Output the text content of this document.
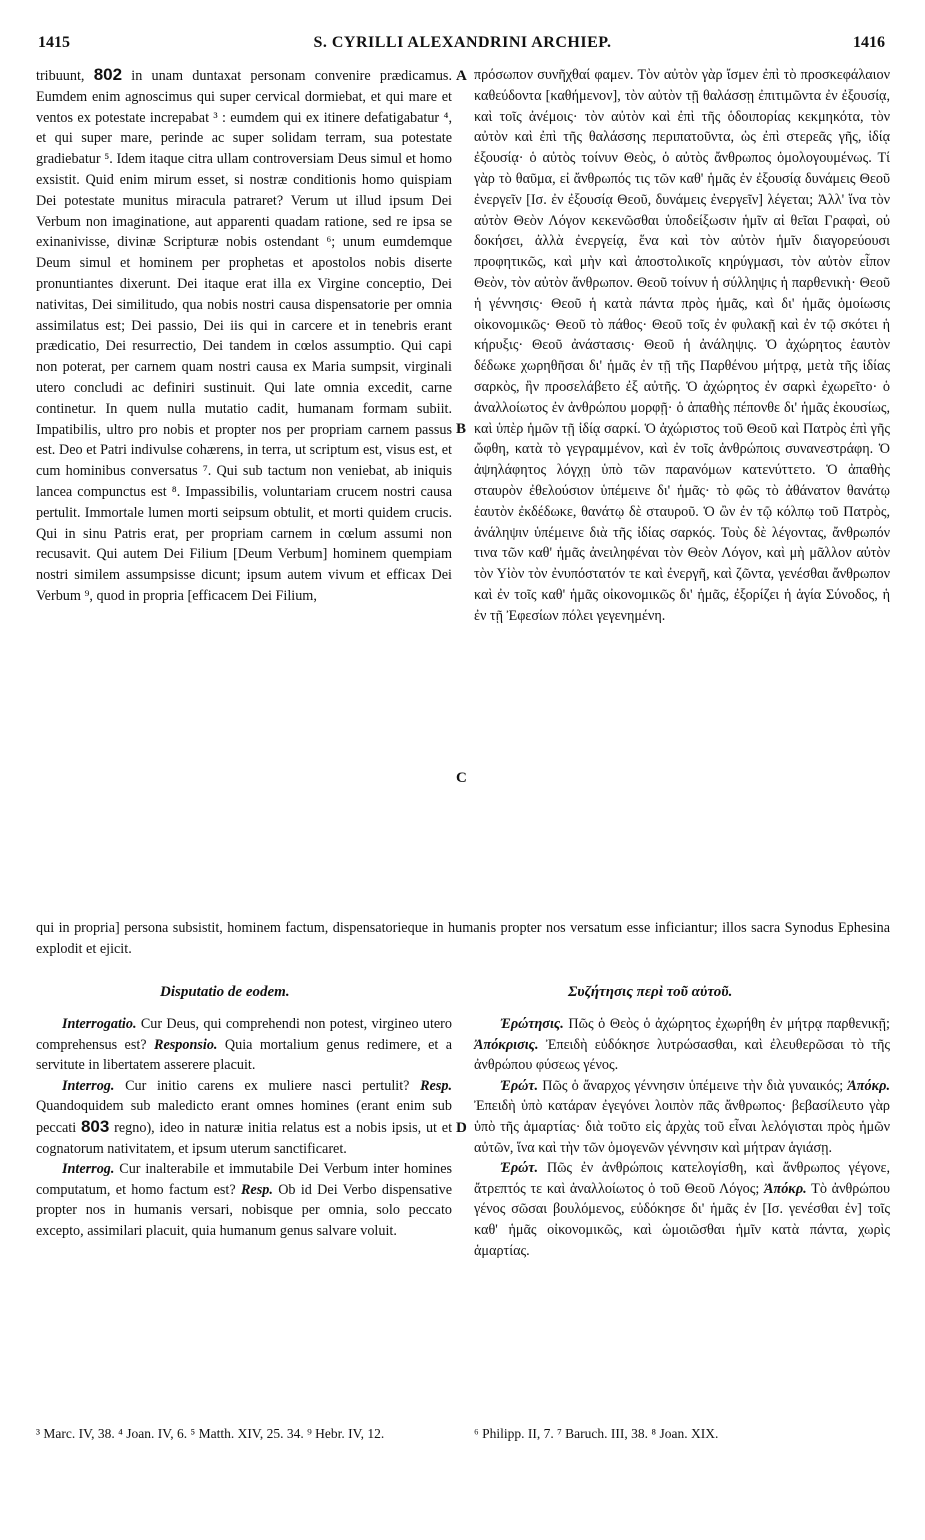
1415	S. CYRILLI ALEXANDRINI ARCHIEP.	1416
A
B
C
D
tribuunt, 802 in unam duntaxat personam convenire prædicamus. Eumdem enim agnoscimus qui super cervical dormiebat, et qui mare et ventos ex potestate increpabat ³ : eumdem qui ex itinere defatigabatur ⁴, et qui super mare, perinde ac super solidam terram, sua potestate gradiebatur ⁵. Idem itaque citra ullam controversiam Deus simul et homo exsistit. Quid enim mirum esset, si nostræ conditionis homo quispiam Dei potestate munitus miracula patraret? Verum ut illud ipsum Dei Verbum non imaginatione, aut apparenti quadam ratione, sed re ipsa se exinanivisse, divinæ Scripturæ nobis ostendant ⁶; unum eumdemque Deum simul et hominem per prophetas et apostolos nobis diserte pronuntiantes dixerunt. Dei itaque erat illa ex Virgine conceptio, Dei nativitas, Dei similitudo, qua nobis nostri causa dispensatorie per omnia assimilatus est; Dei passio, Dei iis qui in carcere et in tenebris erant prædicatio, Dei resurrectio, Dei tandem in cœlos assumptio. Qui capi non poterat, per carnem quam nostri causa ex Maria sumpsit, virginali utero concludi ac definiri sustinuit. Qui late omnia excedit, carne continetur. In quem nulla mutatio cadit, humanam formam subiit. Impatibilis, ultro pro nobis et propter nos per propriam carnem passus est. Deo et Patri indivulse cohærens, in terra, ut scriptum est, visus est, et cum hominibus conversatus ⁷. Qui sub tactum non veniebat, ab iniquis lancea compunctus est ⁸. Impassibilis, voluntariam crucem nostri causa pertulit. Immortale lumen morti seipsum obtulit, et morti quidem crucis. Qui in sinu Patris erat, per propriam carnem in cœlum assumi non recusavit. Qui autem Dei Filium [Deum Verbum] hominem quempiam nostri similem assumpsisse dicunt; ipsum autem vivum et efficax Dei Verbum ⁹, quod in propria [efficacem Dei Filium,
πρόσωπον συνῆχθαί φαμεν. Τὸν αὐτὸν γὰρ ἴσμεν ἐπὶ τὸ προσκεφάλαιον καθεύδοντα [καθήμενον], τὸν αὐτὸν τῇ θαλάσσῃ ἐπιτιμῶντα ἐν ἐξουσίᾳ, καὶ τοῖς ἀνέμοις· τὸν αὐτὸν καὶ ἐπὶ τῆς ὁδοιπορίας κεκμηκότα, τὸν αὐτὸν καὶ ἐπὶ τῆς θαλάσσης περιπατοῦντα, ὡς ἐπὶ στερεᾶς γῆς, ἰδίᾳ ἐξουσίᾳ· ὁ αὐτὸς τοίνυν Θεὸς, ὁ αὐτὸς ἄνθρωπος ὁμολογουμένως. Τί γὰρ τὸ θαῦμα, εἰ ἄνθρωπός τις τῶν καθ' ἡμᾶς ἐν ἐξουσίᾳ δυνάμεις Θεοῦ ἐνεργεῖν [Ισ. ἐν ἐξουσίᾳ Θεοῦ, δυνάμεις ἐνεργεῖν] λέγεται; Ἀλλ' ἵνα τὸν αὐτὸν Θεὸν Λόγον κεκενῶσθαι ὑποδείξωσιν ἡμῖν αἱ θεῖαι Γραφαὶ, οὐ δοκήσει, ἀλλὰ ἐνεργείᾳ, ἕνα καὶ τὸν αὐτὸν ἡμῖν διαγορεύουσι προφητικῶς, καὶ μὴν καὶ ἀποστολικοῖς κηρύγμασι, τὸν αὐτὸν εἶπον Θεὸν, τὸν αὐτὸν ἄνθρωπον. Θεοῦ τοίνυν ἡ σύλληψις ἡ παρθενικὴ· Θεοῦ ἡ γέννησις· Θεοῦ ἡ κατὰ πάντα πρὸς ἡμᾶς, καὶ δι' ἡμᾶς ὁμοίωσις οἰκονομικῶς· Θεοῦ τὸ πάθος· Θεοῦ τοῖς ἐν φυλακῇ καὶ ἐν τῷ σκότει ἡ κήρυξις· Θεοῦ ἀνάστασις· Θεοῦ ἡ ἀνάληψις. Ὁ ἀχώρητος ἑαυτὸν δέδωκε χωρηθῆσαι δι' ἡμᾶς ἐν τῇ τῆς Παρθένου μήτρᾳ, μετὰ τῆς ἰδίας σαρκὸς, ἣν προσελάβετο ἐξ αὐτῆς. Ὁ ἀχώρητος ἐν σαρκὶ ἐχωρεῖτο· ὁ ἀναλλοίωτος ἐν ἀνθρώπου μορφῇ· ὁ ἀπαθὴς πέπονθε δι' ἡμᾶς ἑκουσίως, καὶ ὑπὲρ ἡμῶν τῇ ἰδίᾳ σαρκί. Ὁ ἀχώριστος τοῦ Θεοῦ καὶ Πατρὸς ἐπὶ γῆς ὤφθη, κατὰ τὸ γεγραμμένον, καὶ ἐν τοῖς ἀνθρώποις συνανεστράφη. Ὁ ἀψηλάφητος λόγχῃ ὑπὸ τῶν παρανόμων κατενύττετο. Ὁ ἀπαθὴς σταυρὸν ἐθελούσιον ὑπέμεινε δι' ἡμᾶς· τὸ φῶς τὸ ἀθάνατον θανάτῳ ἑαυτὸν ἐκδέδωκε, θανάτῳ δὲ σταυροῦ. Ὁ ὢν ἐν τῷ κόλπῳ τοῦ Πατρὸς, ἀνάληψιν ὑπέμεινε διὰ τῆς ἰδίας σαρκός. Τοὺς δὲ λέγοντας, ἄνθρωπόν τινα τῶν καθ' ἡμᾶς ἀνειληφέναι τὸν Θεὸν Λόγον, καὶ μὴ μᾶλλον αὐτὸν τὸν Υἱὸν τὸν ἐνυπόστατόν τε καὶ ἐνεργῆ, καὶ ζῶντα, γενέσθαι ἄνθρωπον καὶ ἐν τοῖς καθ' ἡμᾶς οἰκονομικῶς δι' ἡμᾶς, ἐξορίζει ἡ ἁγία Σύνοδος, ἡ ἐν τῇ Ἐφεσίων πόλει γεγενημένη.
qui in propria] persona subsistit, hominem factum, dispensatorieque in humanis propter nos versatum esse inficiantur; illos sacra Synodus Ephesina explodit et ejicit.
Disputatio de eodem.	Συζήτησις περὶ τοῦ αὐτοῦ.

Interrogatio. Cur Deus, qui comprehendi non potest, virgineo utero comprehensus est? Responsio. Quia mortalium genus redimere, et a servitute in libertatem asserere placuit.

Interrog. Cur initio carens ex muliere nasci pertulit? Resp. Quandoquidem sub maledicto erant omnes homines (erant enim sub peccati 803 regno), ideo in naturæ initia relatus est a nobis ipsis, ut et cognatorum nativitatem, et ipsum uterum sanctificaret.

Interrog. Cur inalterabile et immutabile Dei Verbum inter homines computatum, et homo factum est? Resp. Ob id Dei Verbo dispensative propter nos in humanis versari, nobisque per omnia, solo peccato excepto, assimilari placuit, quia humanum genus salvare voluit.

Ἐρώτησις. Πῶς ὁ Θεὸς ὁ ἀχώρητος ἐχωρήθη ἐν μήτρᾳ παρθενικῇ; Ἀπόκρισις. Ἐπειδὴ εὐδόκησε λυτρώσασθαι, καὶ ἐλευθερῶσαι τὸ τῆς ἀνθρώπου φύσεως γένος.

Ἐρώτ. Πῶς ὁ ἄναρχος γέννησιν ὑπέμεινε τὴν διὰ γυναικός; Ἀπόκρ. Ἐπειδὴ ὑπὸ κατάραν ἐγεγόνει λοιπὸν πᾶς ἄνθρωπος· βεβασίλευτο γὰρ ὑπὸ τῆς ἁμαρτίας· διὰ τοῦτο εἰς ἀρχὰς τοῦ εἶναι λελόγισται πρὸς ἡμῶν αὐτῶν, ἵνα καὶ τὴν τῶν ὁμογενῶν γέννησιν καὶ μήτραν ἁγιάσῃ.

Ἐρώτ. Πῶς ἐν ἀνθρώποις κατελογίσθη, καὶ ἄνθρωπος γέγονε, ἄτρεπτός τε καὶ ἀναλλοίωτος ὁ τοῦ Θεοῦ Λόγος; Ἀπόκρ. Τὸ ἀνθρώπου γένος σῶσαι βουλόμενος, εὐδόκησε δι' ἡμᾶς ἐν [Ισ. γενέσθαι ἐν] τοῖς καθ' ἡμᾶς οἰκονομικῶς, καὶ ὡμοιῶσθαι ἡμῖν κατὰ πάντα, χωρὶς ἁμαρτίας.

³ Marc. IV, 38. ⁴ Joan. IV, 6. ⁵ Matth. XIV, 25. 34. ⁹ Hebr. IV, 12.	⁶ Philipp. II, 7. ⁷ Baruch. III, 38. ⁸ Joan. XIX.
